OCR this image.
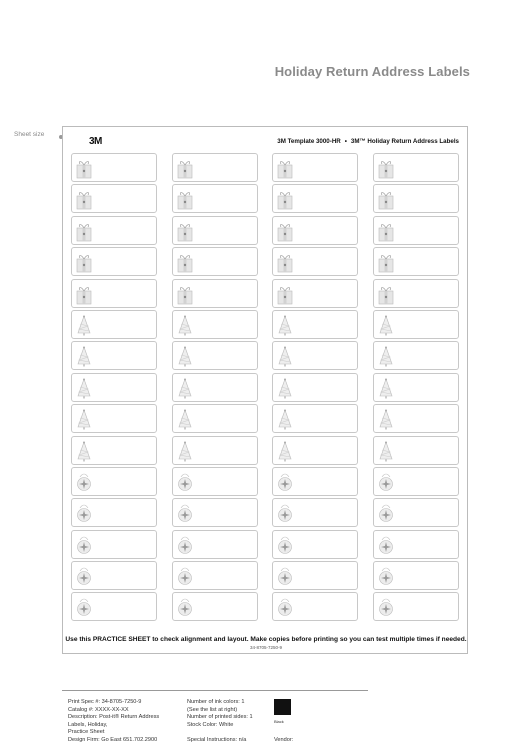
Holiday Return Address Labels
Sheet size
3M	3M Template 3000-HR • 3M™ Holiday Return Address Labels
Use this PRACTICE SHEET to check alignment and layout. Make copies before printing so you can test multiple times if needed.
34-8705-7250-9
Print Spec #: 34-8705-7250-9
Catalog #: XXXX-XX-XX
Description: Post-it® Return Address
Labels, Holiday,
Practice Sheet
Design Firm: Go East 651.702.2900
Number of ink colors: 1
(See the list at right)
Number of printed sides: 1
Stock Color: White
Special Instructions: n/a
Black
Vendor:
